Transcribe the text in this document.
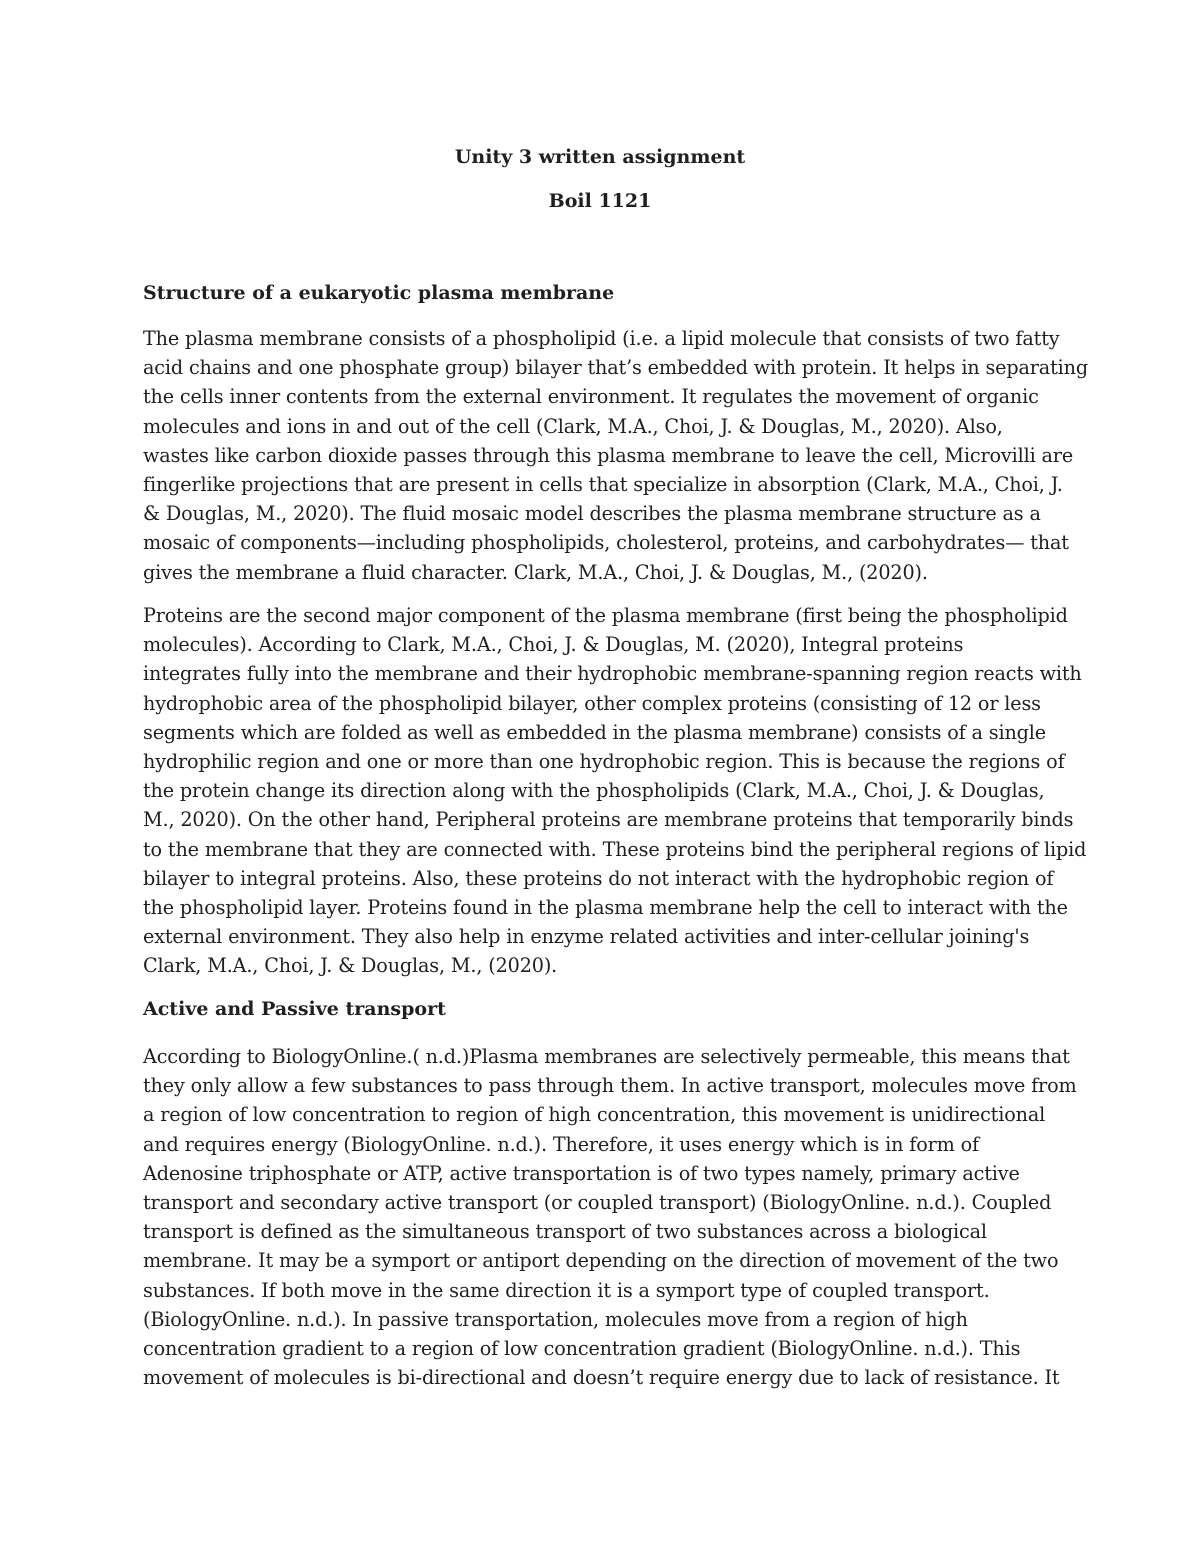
Unity 3 written assignment
Boil 1121
Structure of a eukaryotic plasma membrane

The plasma membrane consists of a phospholipid (i.e. a lipid molecule that consists of two fatty
acid chains and one phosphate group) bilayer that’s embedded with protein. It helps in separating
the cells inner contents from the external environment. It regulates the movement of organic
molecules and ions in and out of the cell (Clark, M.A., Choi, J. & Douglas, M., 2020). Also,
wastes like carbon dioxide passes through this plasma membrane to leave the cell, Microvilli are
fingerlike projections that are present in cells that specialize in absorption (Clark, M.A., Choi, J.
& Douglas, M., 2020). The fluid mosaic model describes the plasma membrane structure as a
mosaic of components—including phospholipids, cholesterol, proteins, and carbohydrates— that
gives the membrane a fluid character. Clark, M.A., Choi, J. & Douglas, M., (2020).

Proteins are the second major component of the plasma membrane (first being the phospholipid
molecules). According to Clark, M.A., Choi, J. & Douglas, M. (2020), Integral proteins
integrates fully into the membrane and their hydrophobic membrane-spanning region reacts with
hydrophobic area of the phospholipid bilayer, other complex proteins (consisting of 12 or less
segments which are folded as well as embedded in the plasma membrane) consists of a single
hydrophilic region and one or more than one hydrophobic region. This is because the regions of
the protein change its direction along with the phospholipids (Clark, M.A., Choi, J. & Douglas,
M., 2020). On the other hand, Peripheral proteins are membrane proteins that temporarily binds
to the membrane that they are connected with. These proteins bind the peripheral regions of lipid
bilayer to integral proteins. Also, these proteins do not interact with the hydrophobic region of
the phospholipid layer. Proteins found in the plasma membrane help the cell to interact with the
external environment. They also help in enzyme related activities and inter-cellular joining's
Clark, M.A., Choi, J. & Douglas, M., (2020).

Active and Passive transport

According to BiologyOnline.( n.d.)Plasma membranes are selectively permeable, this means that
they only allow a few substances to pass through them. In active transport, molecules move from
a region of low concentration to region of high concentration, this movement is unidirectional
and requires energy (BiologyOnline. n.d.). Therefore, it uses energy which is in form of
Adenosine triphosphate or ATP, active transportation is of two types namely, primary active
transport and secondary active transport (or coupled transport) (BiologyOnline. n.d.). Coupled
transport is defined as the simultaneous transport of two substances across a biological
membrane. It may be a symport or antiport depending on the direction of movement of the two
substances. If both move in the same direction it is a symport type of coupled transport.
(BiologyOnline. n.d.). In passive transportation, molecules move from a region of high
concentration gradient to a region of low concentration gradient (BiologyOnline. n.d.). This
movement of molecules is bi-directional and doesn’t require energy due to lack of resistance. It
